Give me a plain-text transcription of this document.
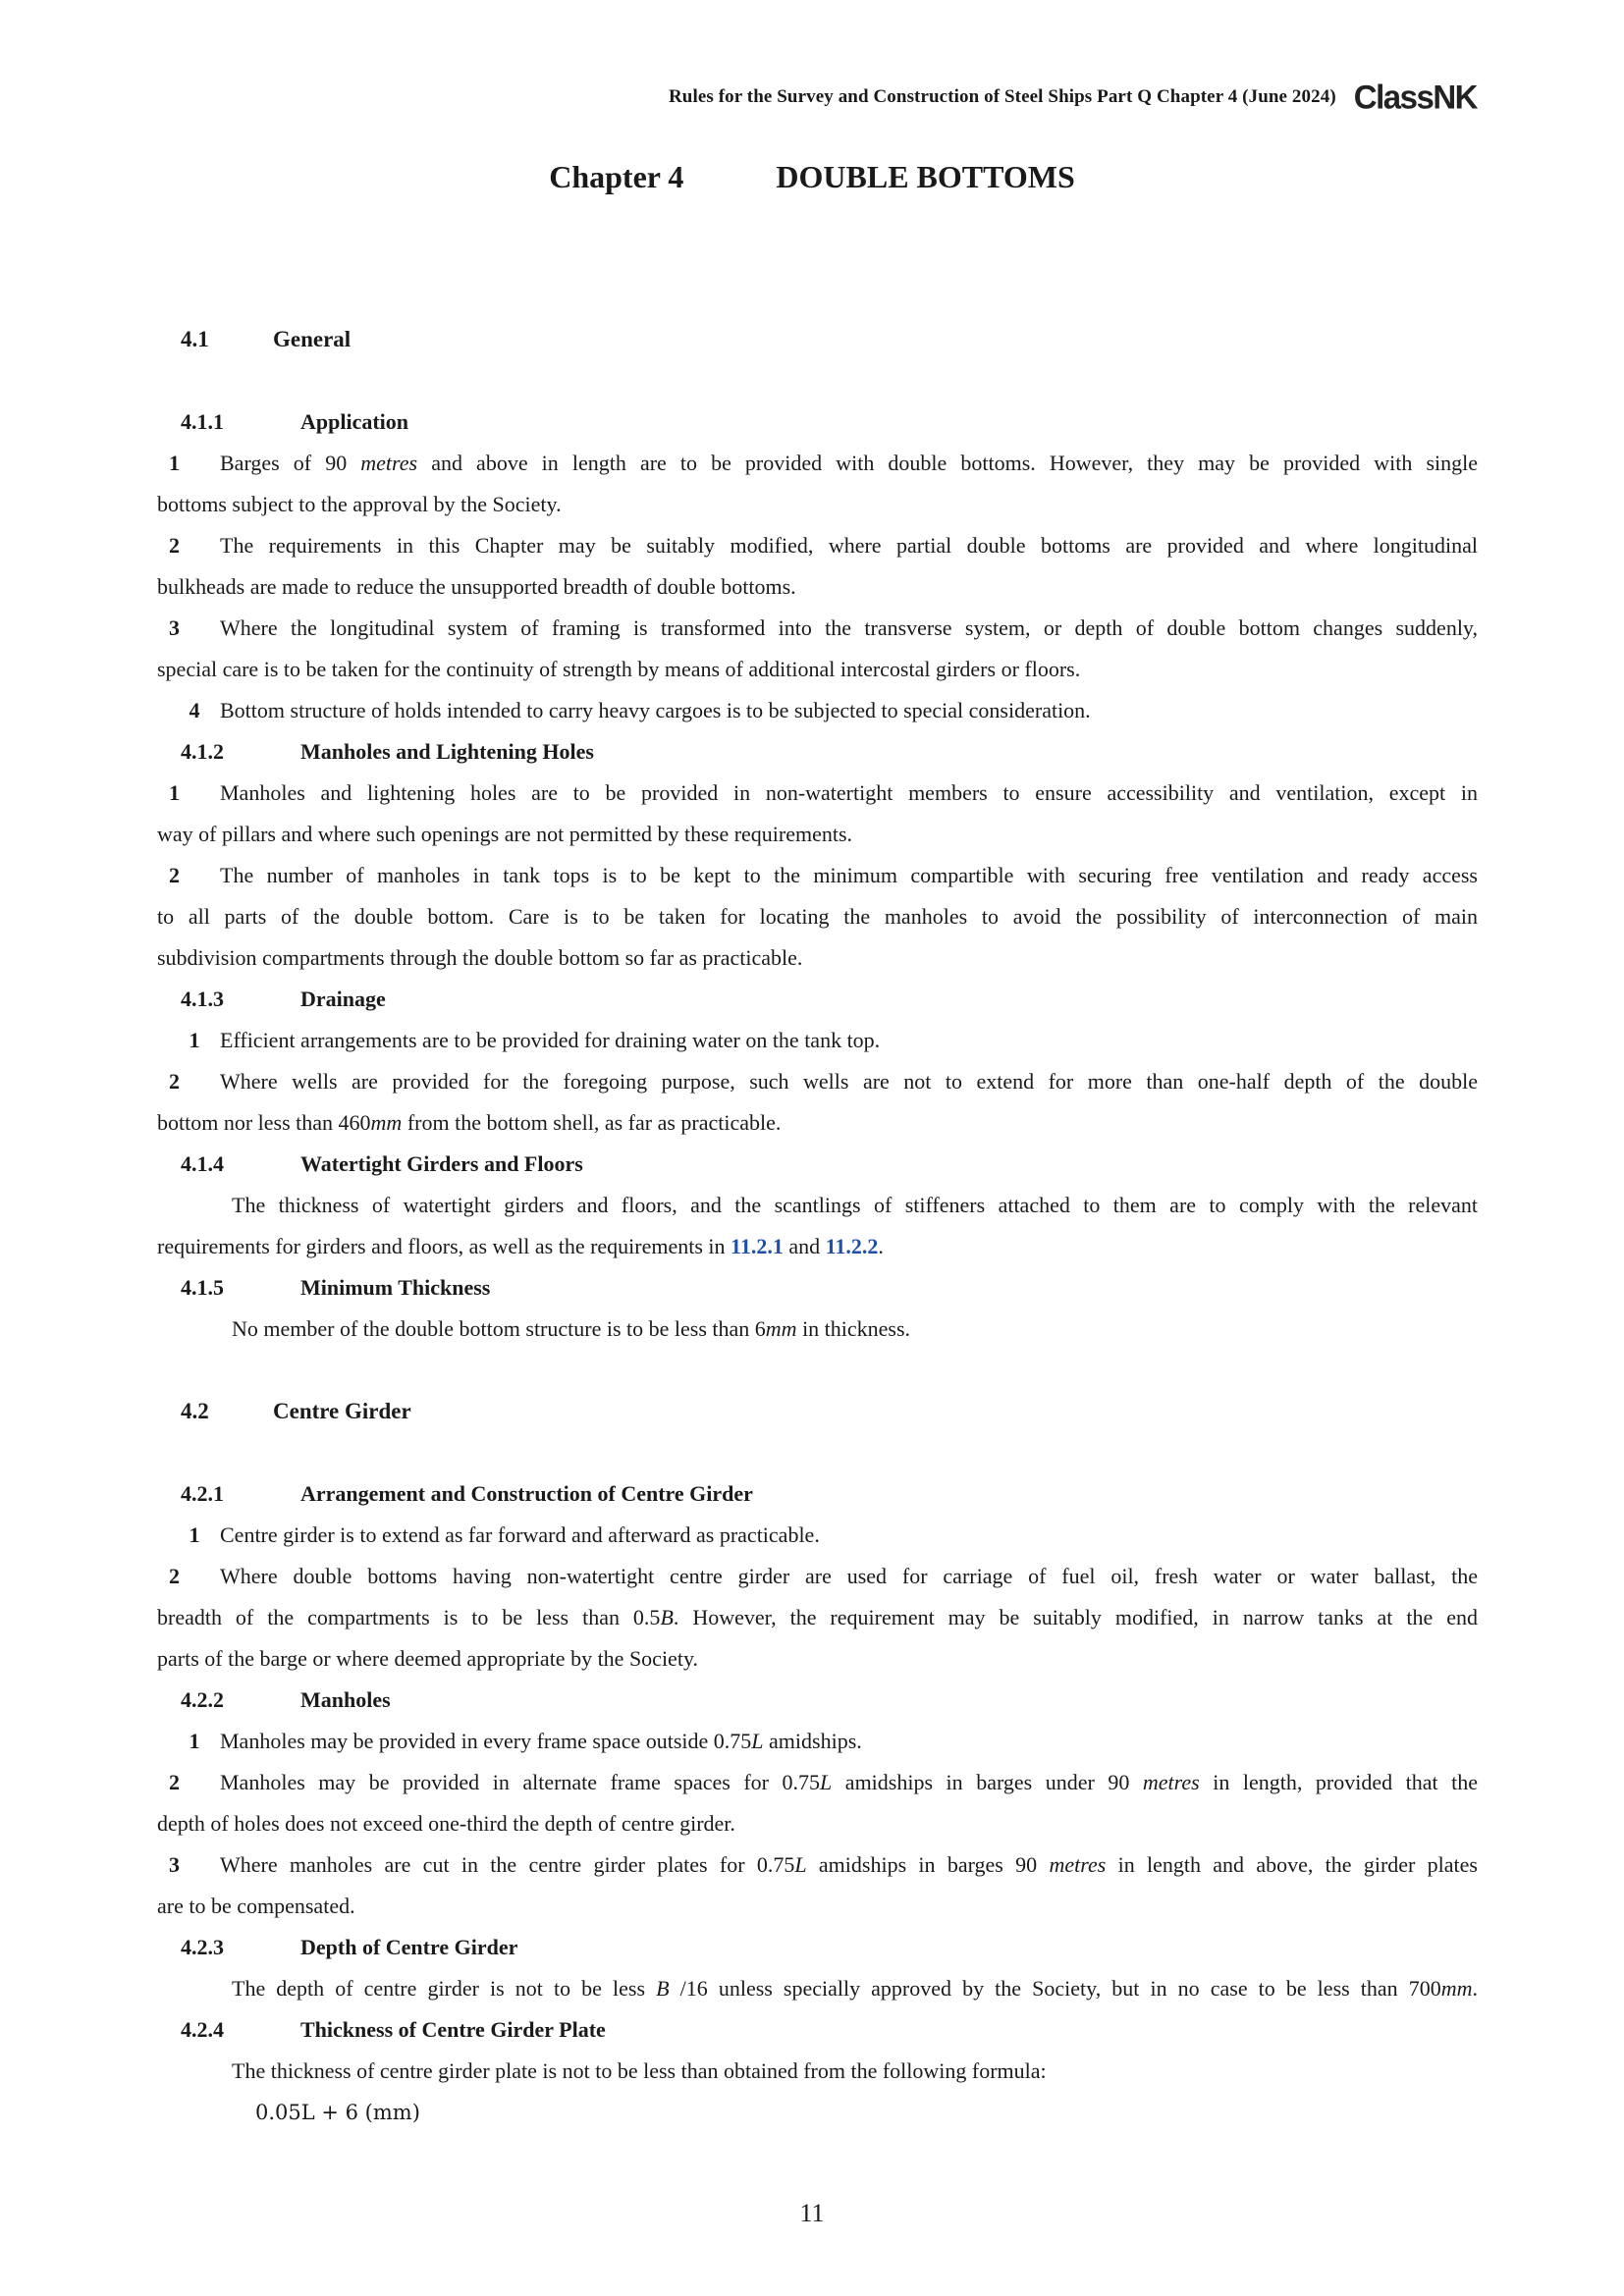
Rules for the Survey and Construction of Steel Ships Part Q Chapter 4 (June 2024) ClassNK
Chapter 4	DOUBLE BOTTOMS
4.1	General
4.1.1	Application
1 Barges of 90 metres and above in length are to be provided with double bottoms. However, they may be provided with single
bottoms subject to the approval by the Society.
2 The requirements in this Chapter may be suitably modified, where partial double bottoms are provided and where longitudinal
bulkheads are made to reduce the unsupported breadth of double bottoms.
3 Where the longitudinal system of framing is transformed into the transverse system, or depth of double bottom changes suddenly,
special care is to be taken for the continuity of strength by means of additional intercostal girders or floors.
4 Bottom structure of holds intended to carry heavy cargoes is to be subjected to special consideration.
4.1.2	Manholes and Lightening Holes
1 Manholes and lightening holes are to be provided in non-watertight members to ensure accessibility and ventilation, except in
way of pillars and where such openings are not permitted by these requirements.
2 The number of manholes in tank tops is to be kept to the minimum compartible with securing free ventilation and ready access
to all parts of the double bottom. Care is to be taken for locating the manholes to avoid the possibility of interconnection of main
subdivision compartments through the double bottom so far as practicable.
4.1.3	Drainage
1 Efficient arrangements are to be provided for draining water on the tank top.
2 Where wells are provided for the foregoing purpose, such wells are not to extend for more than one-half depth of the double
bottom nor less than 460mm from the bottom shell, as far as practicable.
4.1.4	Watertight Girders and Floors
The thickness of watertight girders and floors, and the scantlings of stiffeners attached to them are to comply with the relevant
requirements for girders and floors, as well as the requirements in 11.2.1 and 11.2.2.
4.1.5	Minimum Thickness
No member of the double bottom structure is to be less than 6mm in thickness.
4.2	Centre Girder
4.2.1	Arrangement and Construction of Centre Girder
1 Centre girder is to extend as far forward and afterward as practicable.
2 Where double bottoms having non-watertight centre girder are used for carriage of fuel oil, fresh water or water ballast, the
breadth of the compartments is to be less than 0.5B. However, the requirement may be suitably modified, in narrow tanks at the end
parts of the barge or where deemed appropriate by the Society.
4.2.2	Manholes
1 Manholes may be provided in every frame space outside 0.75L amidships.
2 Manholes may be provided in alternate frame spaces for 0.75L amidships in barges under 90 metres in length, provided that the
depth of holes does not exceed one-third the depth of centre girder.
3 Where manholes are cut in the centre girder plates for 0.75L amidships in barges 90 metres in length and above, the girder plates
are to be compensated.
4.2.3	Depth of Centre Girder
The depth of centre girder is not to be less B /16 unless specially approved by the Society, but in no case to be less than 700mm.
4.2.4	Thickness of Centre Girder Plate
The thickness of centre girder plate is not to be less than obtained from the following formula:
0.05L + 6 (mm)
11
